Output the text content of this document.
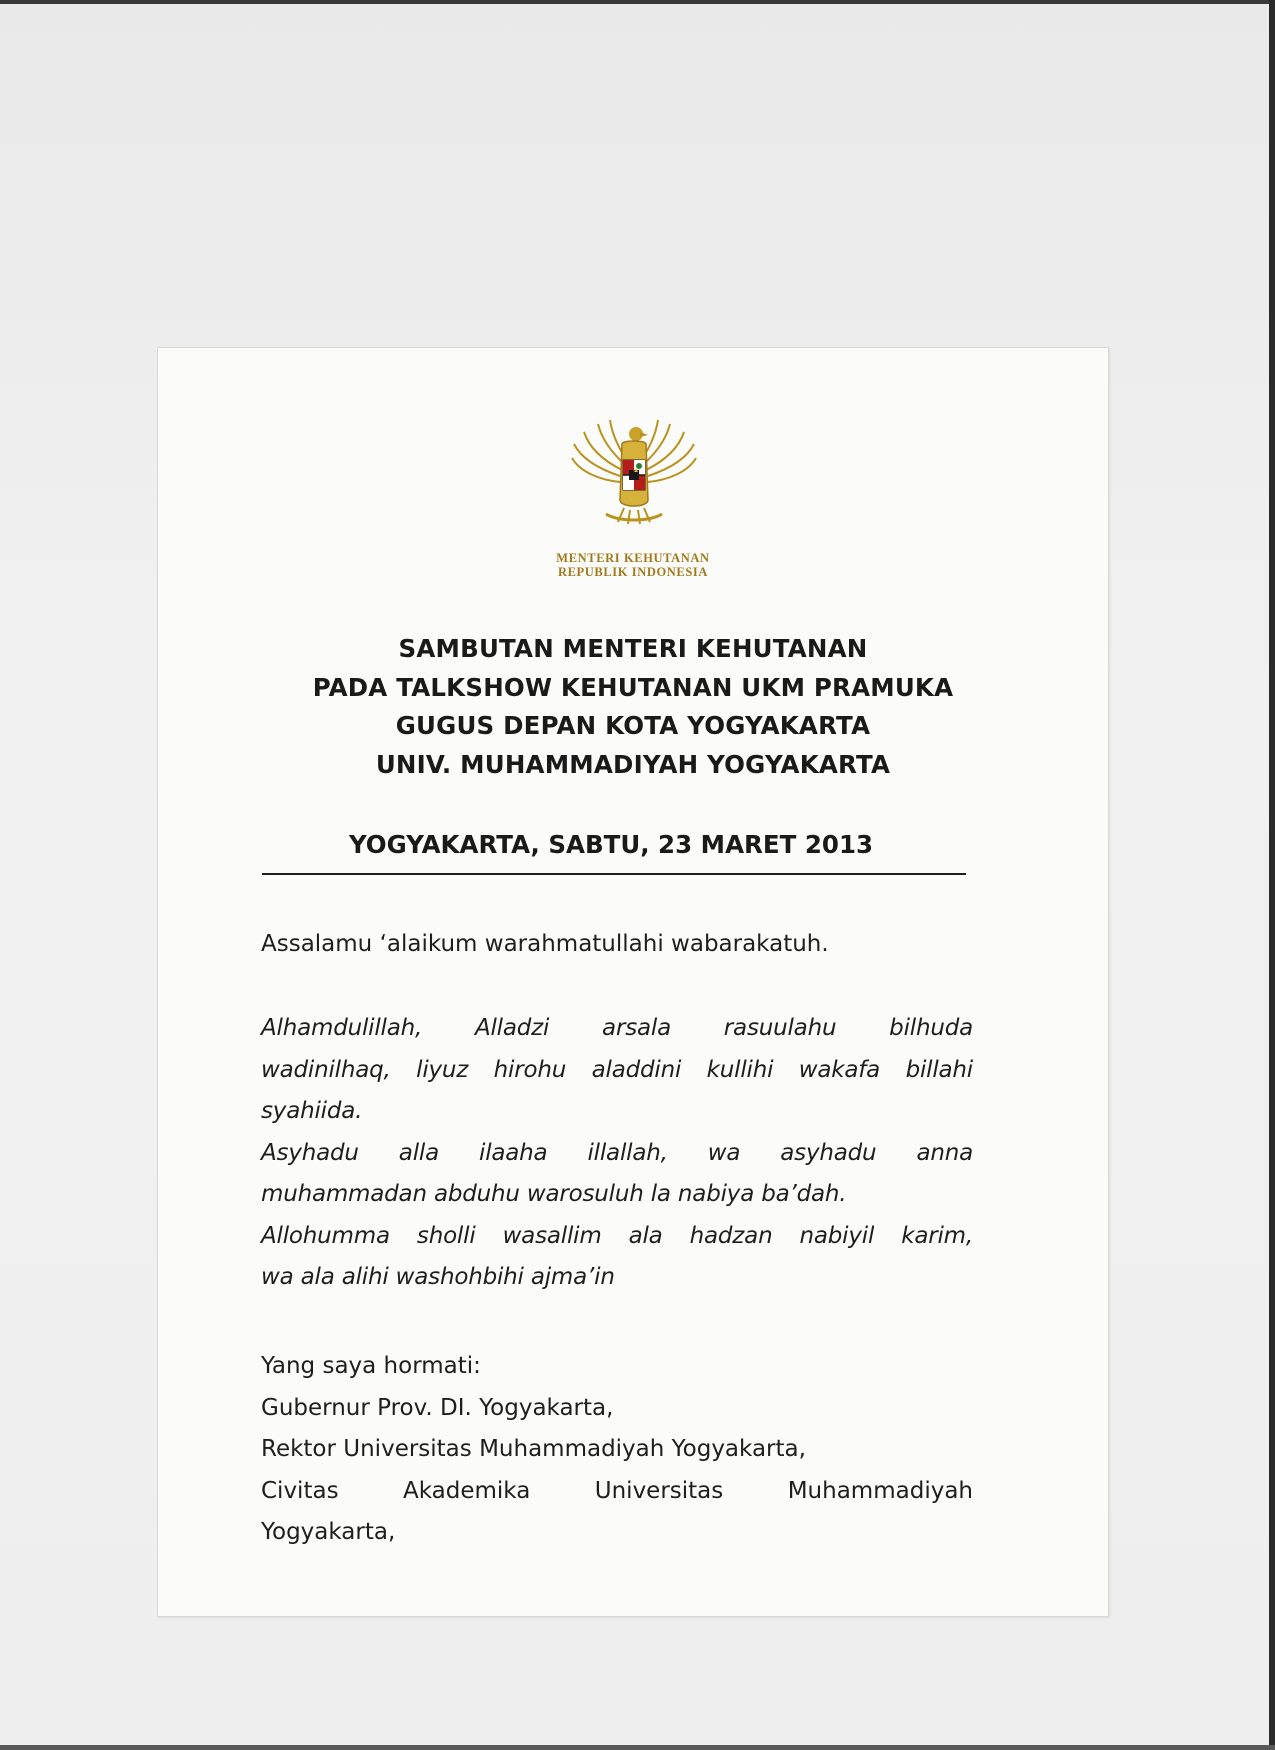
MENTERI KEHUTANAN
REPUBLIK INDONESIA
SAMBUTAN MENTERI KEHUTANAN
PADA TALKSHOW KEHUTANAN UKM PRAMUKA
GUGUS DEPAN KOTA YOGYAKARTA
UNIV. MUHAMMADIYAH YOGYAKARTA
YOGYAKARTA, SABTU, 23 MARET 2013
Assalamu ‘alaikum warahmatullahi wabarakatuh.
Alhamdulillah, Alladzi arsala rasuulahu bilhuda
wadinilhaq, liyuz hirohu aladdini kullihi wakafa billahi
syahiida.
Asyhadu alla ilaaha illallah, wa asyhadu anna
muhammadan abduhu warosuluh la nabiya ba’dah.
Allohumma sholli wasallim ala hadzan nabiyil karim,
wa ala alihi washohbihi ajma’in
Yang saya hormati:
Gubernur Prov. DI. Yogyakarta,
Rektor Universitas Muhammadiyah Yogyakarta,
Civitas Akademika Universitas Muhammadiyah
Yogyakarta,
